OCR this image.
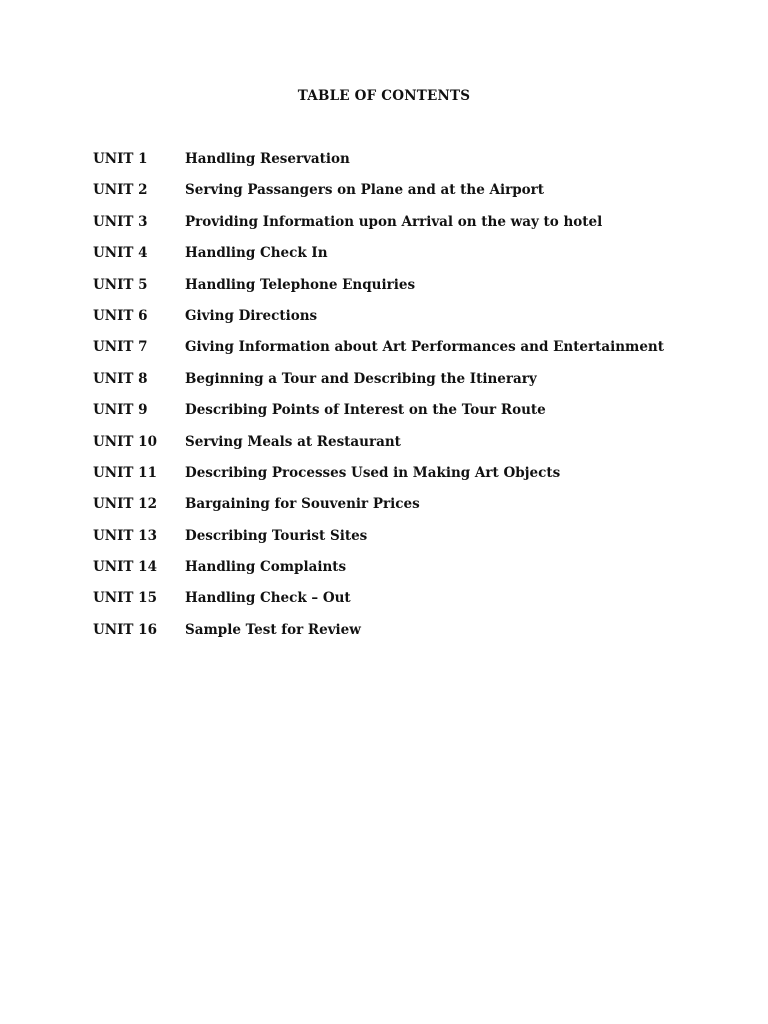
TABLE OF CONTENTS
UNIT 1	Handling Reservation
UNIT 2	Serving Passangers on Plane and at the Airport
UNIT 3	Providing Information upon Arrival on the way to hotel
UNIT 4	Handling Check In
UNIT 5	Handling Telephone Enquiries
UNIT 6	Giving Directions
UNIT 7	Giving Information about Art Performances and Entertainment
UNIT 8	Beginning a Tour and Describing the Itinerary
UNIT 9	Describing Points of Interest on the Tour Route
UNIT 10 Serving Meals at Restaurant
UNIT 11 Describing Processes Used in Making Art Objects
UNIT 12 Bargaining for Souvenir Prices
UNIT 13 Describing Tourist Sites
UNIT 14 Handling Complaints
UNIT 15 Handling Check – Out
UNIT 16 Sample Test for Review
